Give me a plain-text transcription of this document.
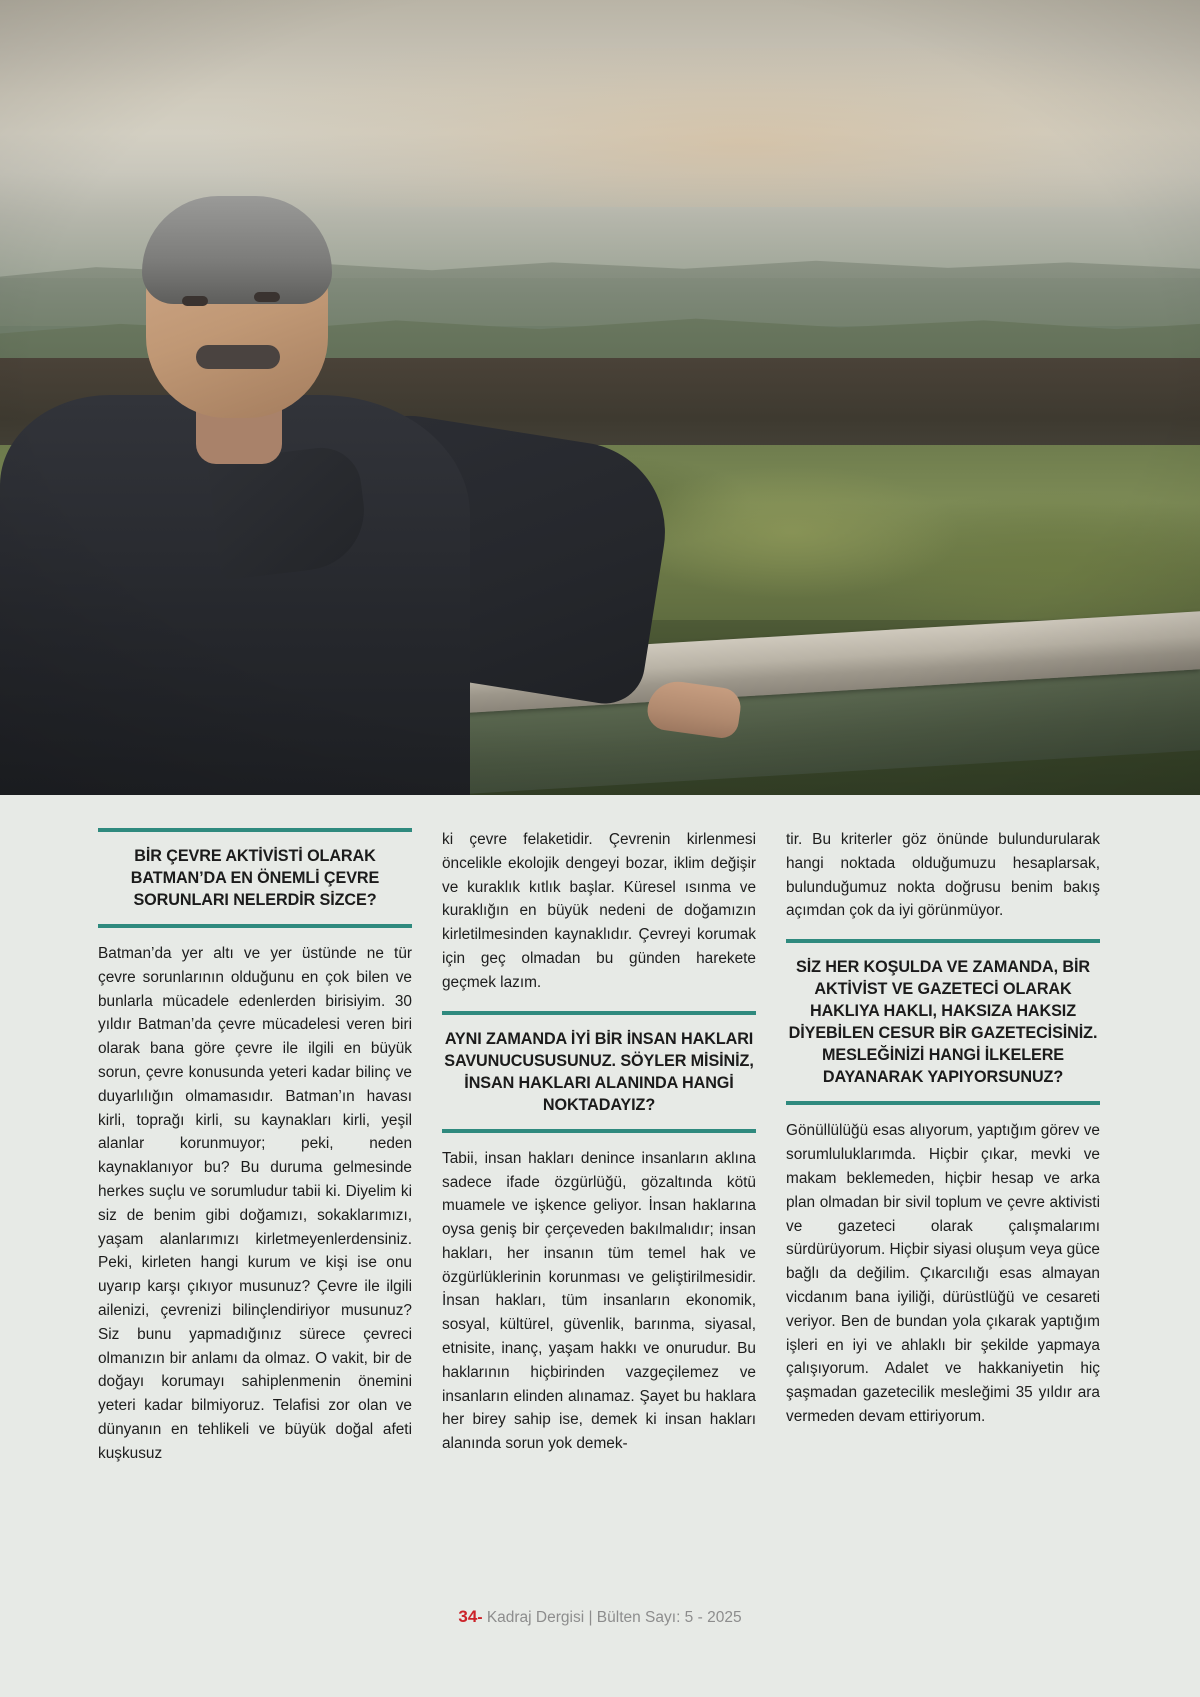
BİR ÇEVRE AKTİVİSTİ OLARAK BATMAN’DA EN ÖNEMLİ ÇEVRE SORUNLARI NELERDİR SİZCE?

Batman’da yer altı ve yer üstünde ne tür çevre sorunlarının olduğunu en çok bilen ve bunlarla mücadele edenlerden birisiyim. 30 yıldır Batman’da çevre mücadelesi veren biri olarak bana göre çevre ile ilgili en büyük sorun, çevre konusunda yeteri kadar bilinç ve duyarlılığın olmamasıdır. Batman’ın havası kirli, toprağı kirli, su kaynakları kirli, yeşil alanlar korunmuyor; peki, neden kaynaklanıyor bu? Bu duruma gelmesinde herkes suçlu ve sorumludur tabii ki. Diyelim ki siz de benim gibi doğamızı, sokaklarımızı, yaşam alanlarımızı kirletmeyenlerdensiniz. Peki, kirleten hangi kurum ve kişi ise onu uyarıp karşı çıkıyor musunuz? Çevre ile ilgili ailenizi, çevrenizi bilinçlendiriyor musunuz? Siz bunu yapmadığınız sürece çevreci olmanızın bir anlamı da olmaz. O vakit, bir de doğayı korumayı sahiplenmenin önemini yeteri kadar bilmiyoruz. Telafisi zor olan ve dünyanın en tehlikeli ve büyük doğal afeti kuşkusuz

ki çevre felaketidir. Çevrenin kirlenmesi öncelikle ekolojik dengeyi bozar, iklim değişir ve kuraklık kıtlık başlar. Küresel ısınma ve kuraklığın en büyük nedeni de doğamızın kirletilmesinden kaynaklıdır. Çevreyi korumak için geç olmadan bu günden harekete geçmek lazım.

AYNI ZAMANDA İYİ BİR İNSAN HAKLARI SAVUNUCUSUSUNUZ. SÖYLER MİSİNİZ, İNSAN HAKLARI ALANINDA HANGİ NOKTADAYIZ?

Tabii, insan hakları denince insanların aklına sadece ifade özgürlüğü, gözaltında kötü muamele ve işkence geliyor. İnsan haklarına oysa geniş bir çerçeveden bakılmalıdır; insan hakları, her insanın tüm temel hak ve özgürlüklerinin korunması ve geliştirilmesidir. İnsan hakları, tüm insanların ekonomik, sosyal, kültürel, güvenlik, barınma, siyasal, etnisite, inanç, yaşam hakkı ve onurudur. Bu haklarının hiçbirinden vazgeçilemez ve insanların elinden alınamaz. Şayet bu haklara her birey sahip ise, demek ki insan hakları alanında sorun yok demek-

tir. Bu kriterler göz önünde bulundurularak hangi noktada olduğumuzu hesaplarsak, bulunduğumuz nokta doğrusu benim bakış açımdan çok da iyi görünmüyor.

SİZ HER KOŞULDA VE ZAMANDA, BİR AKTİVİST VE GAZETECİ OLARAK HAKLIYA HAKLI, HAKSIZA HAKSIZ DİYEBİLEN CESUR BİR GAZETECİSİNİZ. MESLEĞİNİZİ HANGİ İLKELERE DAYANARAK YAPIYORSUNUZ?

Gönüllülüğü esas alıyorum, yaptığım görev ve sorumluluklarımda. Hiçbir çıkar, mevki ve makam beklemeden, hiçbir hesap ve arka plan olmadan bir sivil toplum ve çevre aktivisti ve gazeteci olarak çalışmalarımı sürdürüyorum. Hiçbir siyasi oluşum veya güce bağlı da değilim. Çıkarcılığı esas almayan vicdanım bana iyiliği, dürüstlüğü ve cesareti veriyor. Ben de bundan yola çıkarak yaptığım işleri en iyi ve ahlaklı bir şekilde yapmaya çalışıyorum. Adalet ve hakkaniyetin hiç şaşmadan gazetecilik mesleğimi 35 yıldır ara vermeden devam ettiriyorum.

34- Kadraj Dergisi | Bülten Sayı: 5 - 2025
